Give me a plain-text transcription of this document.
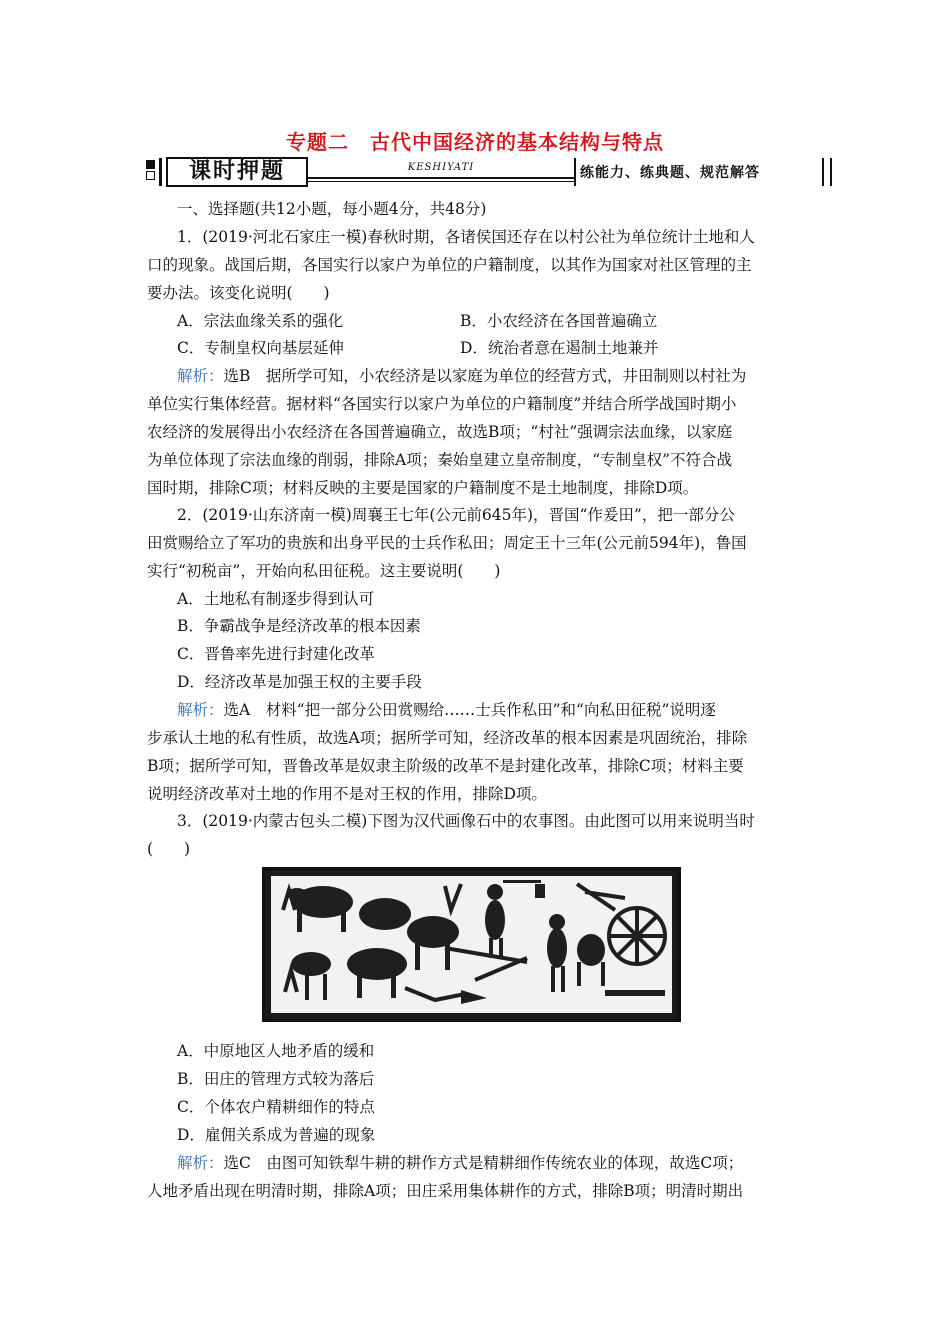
专题二　古代中国经济的基本结构与特点
课时押题	KESHIYATI	练能力、练典题、规范解答
一、选择题(共12小题，每小题4分，共48分)
1．(2019·河北石家庄一模)春秋时期，各诸侯国还存在以村公社为单位统计土地和人
口的现象。战国后期，各国实行以家户为单位的户籍制度，以其作为国家对社区管理的主
要办法。该变化说明(　　)
A．宗法血缘关系的强化	B．小农经济在各国普遍确立
C．专制皇权向基层延伸	D．统治者意在遏制土地兼并
解析：选B　据所学可知，小农经济是以家庭为单位的经营方式，井田制则以村社为
单位实行集体经营。据材料“各国实行以家户为单位的户籍制度”并结合所学战国时期小
农经济的发展得出小农经济在各国普遍确立，故选B项；“村社”强调宗法血缘，以家庭
为单位体现了宗法血缘的削弱，排除A项；秦始皇建立皇帝制度，“专制皇权”不符合战
国时期，排除C项；材料反映的主要是国家的户籍制度不是土地制度，排除D项。
2．(2019·山东济南一模)周襄王七年(公元前645年)，晋国“作爰田”，把一部分公
田赏赐给立了军功的贵族和出身平民的士兵作私田；周定王十三年(公元前594年)，鲁国
实行“初税亩”，开始向私田征税。这主要说明(　　)
A．土地私有制逐步得到认可
B．争霸战争是经济改革的根本因素
C．晋鲁率先进行封建化改革
D．经济改革是加强王权的主要手段
解析：选A　材料“把一部分公田赏赐给……士兵作私田”和“向私田征税”说明逐
步承认土地的私有性质，故选A项；据所学可知，经济改革的根本因素是巩固统治，排除
B项；据所学可知，晋鲁改革是奴隶主阶级的改革不是封建化改革，排除C项；材料主要
说明经济改革对土地的作用不是对王权的作用，排除D项。
3．(2019·内蒙古包头二模)下图为汉代画像石中的农事图。由此图可以用来说明当时
(　　)
A．中原地区人地矛盾的缓和
B．田庄的管理方式较为落后
C．个体农户精耕细作的特点
D．雇佣关系成为普遍的现象
解析：选C　由图可知铁犁牛耕的耕作方式是精耕细作传统农业的体现，故选C项；
人地矛盾出现在明清时期，排除A项；田庄采用集体耕作的方式，排除B项；明清时期出
